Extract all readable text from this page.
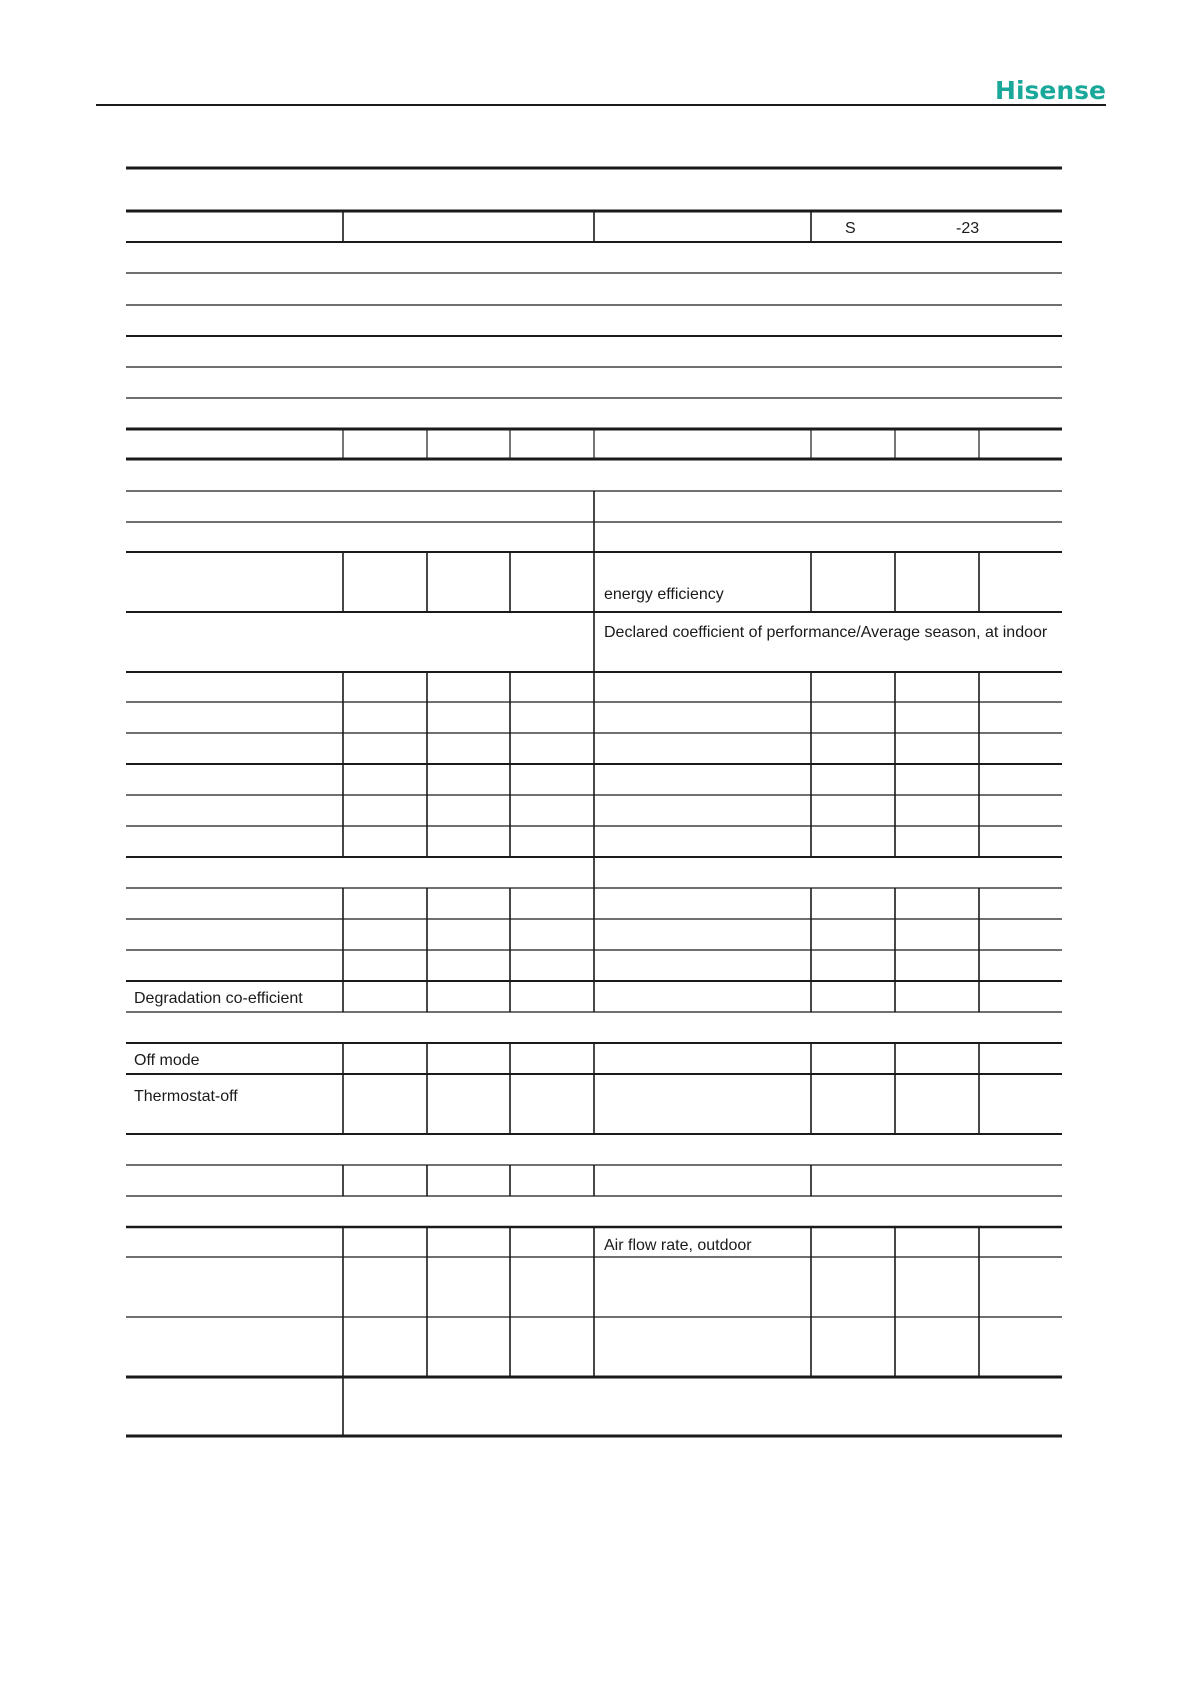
Hisense
S	-23
energy efficiency
Declared coefficient of performance/Average season, at indoor
Degradation co-efficient
Off mode
Thermostat-off
Air flow rate, outdoor
